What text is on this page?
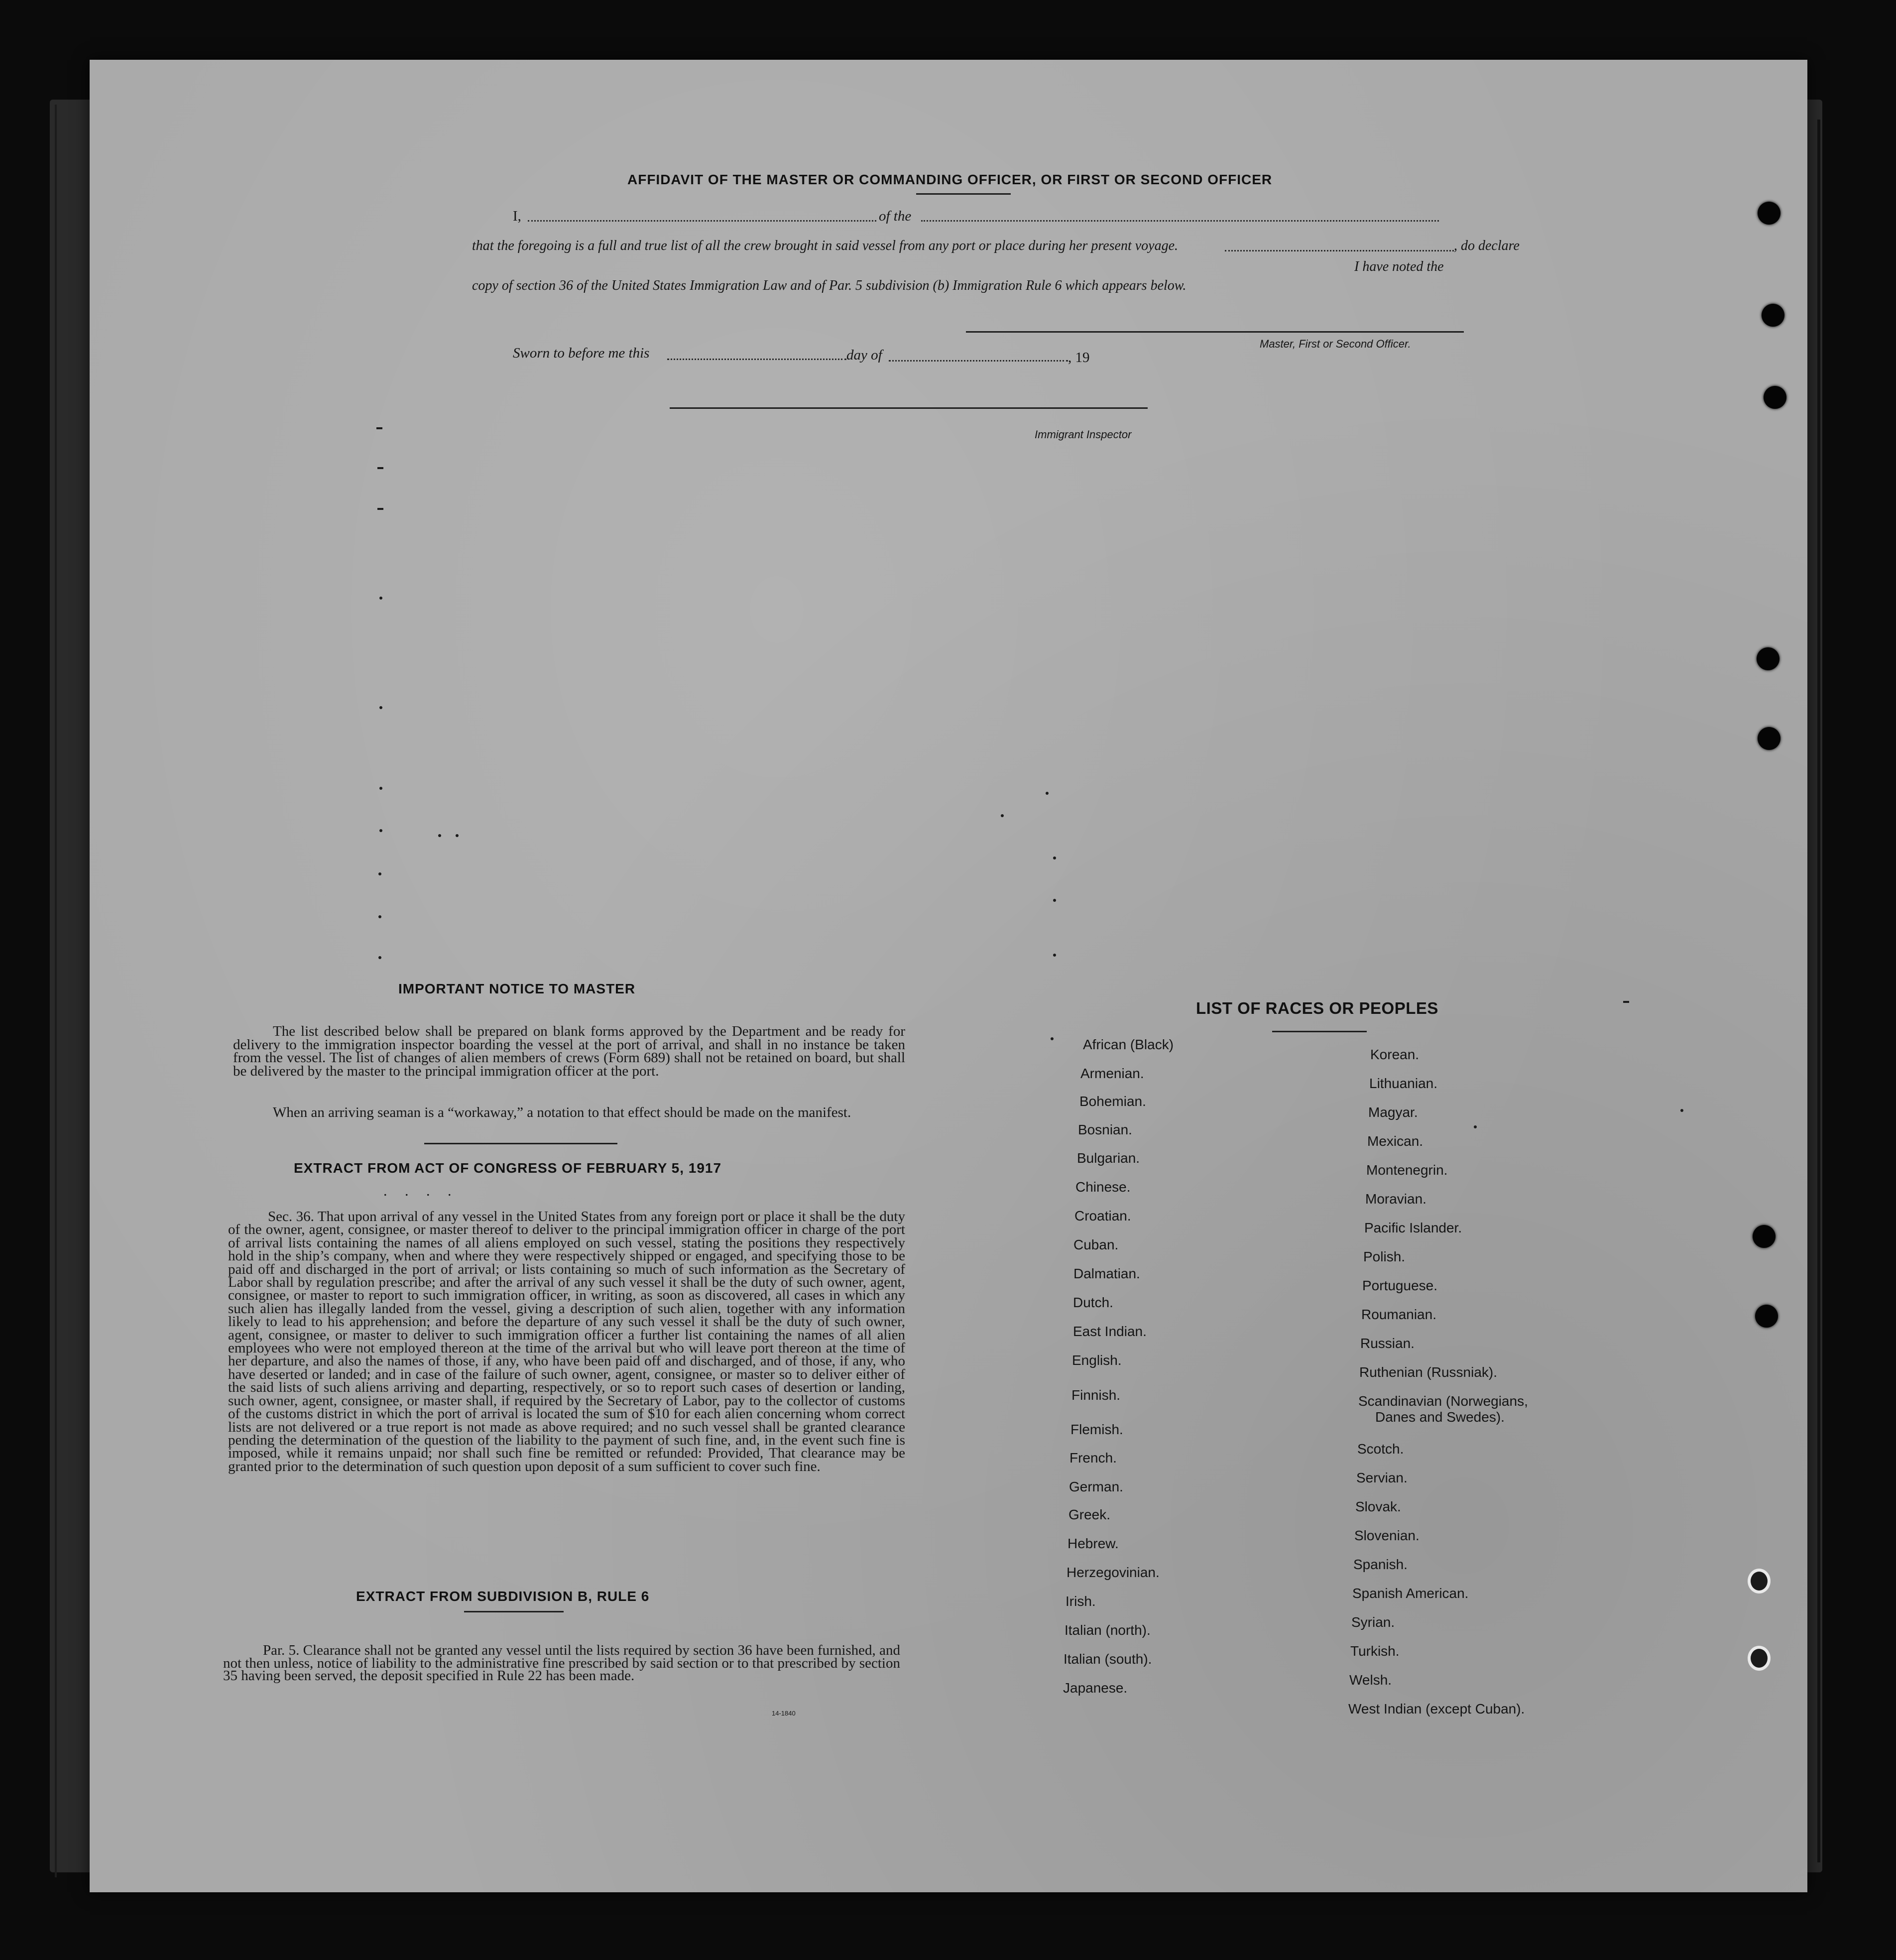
AFFIDAVIT OF THE MASTER OR COMMANDING OFFICER, OR FIRST OR SECOND OFFICER
I,	of the
that the foregoing is a full and true list of all the crew brought in said vessel from any port or place during her present voyage.	, do declare
I have noted the
copy of section 36 of the United States Immigration Law and of Par. 5 subdivision (b) Immigration Rule 6 which appears below.
Master, First or Second Officer.
Sworn to before me this	day of	, 19
Immigrant Inspector
IMPORTANT NOTICE TO MASTER
The list described below shall be prepared on blank forms approved by the Department and be ready for delivery to the immigration inspector boarding the vessel at the port of arrival, and shall in no instance be taken from the vessel. The list of changes of alien members of crews (Form 689) shall not be retained on board, but shall be delivered by the master to the principal immigration officer at the port.
When an arriving seaman is a “workaway,” a notation to that effect should be made on the manifest.
EXTRACT FROM ACT OF CONGRESS OF FEBRUARY 5, 1917
. . . .
Sec. 36. That upon arrival of any vessel in the United States from any foreign port or place it shall be the duty of the owner, agent, consignee, or master thereof to deliver to the principal immigration officer in charge of the port of arrival lists containing the names of all aliens employed on such vessel, stating the positions they respectively hold in the ship’s company, when and where they were respectively shipped or engaged, and specifying those to be paid off and discharged in the port of arrival; or lists containing so much of such information as the Secretary of Labor shall by regulation prescribe; and after the arrival of any such vessel it shall be the duty of such owner, agent, consignee, or master to report to such immigration officer, in writing, as soon as discovered, all cases in which any such alien has illegally landed from the vessel, giving a description of such alien, together with any information likely to lead to his apprehension; and before the departure of any such vessel it shall be the duty of such owner, agent, consignee, or master to deliver to such immigration officer a further list containing the names of all alien employees who were not employed thereon at the time of the arrival but who will leave port thereon at the time of her departure, and also the names of those, if any, who have been paid off and discharged, and of those, if any, who have deserted or landed; and in case of the failure of such owner, agent, consignee, or master so to deliver either of the said lists of such aliens arriving and departing, respectively, or so to report such cases of desertion or landing, such owner, agent, consignee, or master shall, if required by the Secretary of Labor, pay to the collector of customs of the customs district in which the port of arrival is located the sum of $10 for each alien concerning whom correct lists are not delivered or a true report is not made as above required; and no such vessel shall be granted clearance pending the determination of the question of the liability to the payment of such fine, and, in the event such fine is imposed, while it remains unpaid; nor shall such fine be remitted or refunded: Provided, That clearance may be granted prior to the determination of such question upon deposit of a sum sufficient to cover such fine.
EXTRACT FROM SUBDIVISION B, RULE 6
Par. 5. Clearance shall not be granted any vessel until the lists required by section 36 have been furnished, and not then unless, notice of liability to the administrative fine prescribed by said section or to that prescribed by section 35 having been served, the deposit specified in Rule 22 has been made.
14-1840
LIST OF RACES OR PEOPLES
African (Black)
Armenian.
Bohemian.
Bosnian.
Bulgarian.
Chinese.
Croatian.
Cuban.
Dalmatian.
Dutch.
East Indian.
English.
Finnish.
Flemish.
French.
German.
Greek.
Hebrew.
Herzegovinian.
Irish.
Italian (north).
Italian (south).
Japanese.
Korean.
Lithuanian.
Magyar.
Mexican.
Montenegrin.
Moravian.
Pacific Islander.
Polish.
Portuguese.
Roumanian.
Russian.
Ruthenian (Russniak).
Scandinavian (Norwegians,
Danes and Swedes).
Scotch.
Servian.
Slovak.
Slovenian.
Spanish.
Spanish American.
Syrian.
Turkish.
Welsh.
West Indian (except Cuban).
